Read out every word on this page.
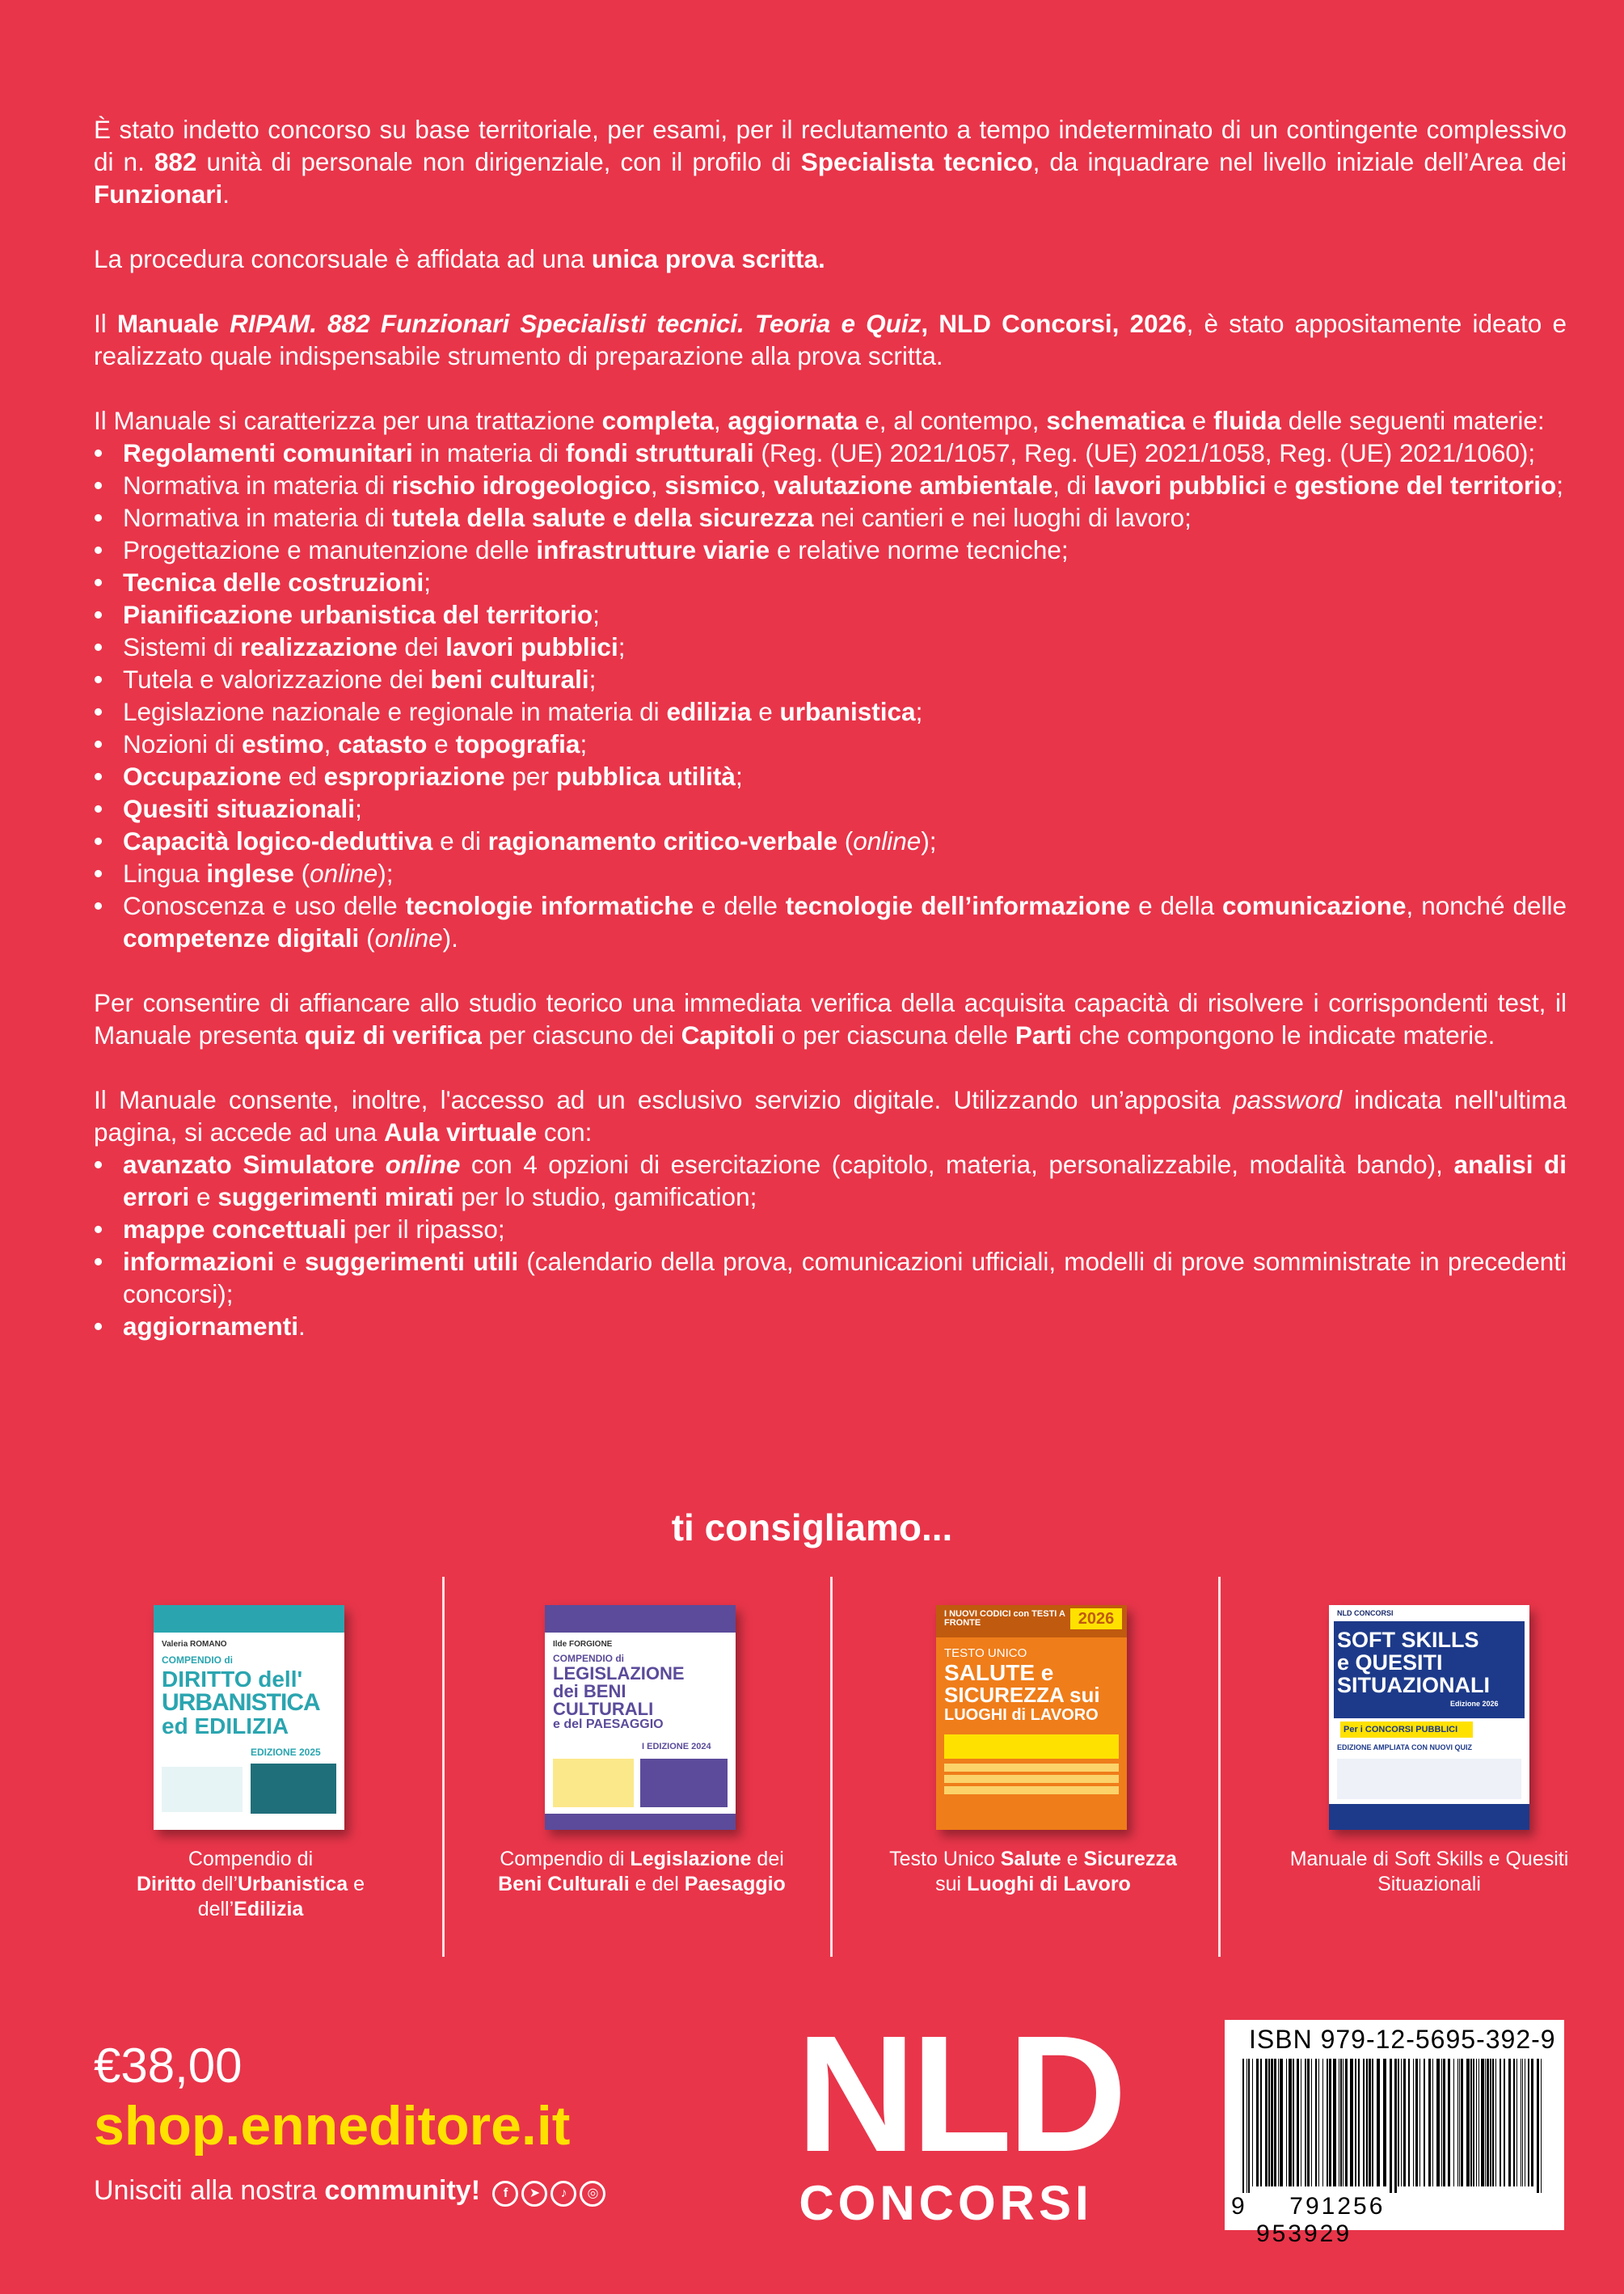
È stato indetto concorso su base territoriale, per esami, per il reclutamento a tempo indeterminato di un contingente complessivo di n. 882 unità di personale non dirigenziale, con il profilo di Specialista tecnico, da inquadrare nel livello iniziale dell’Area dei Funzionari.

La procedura concorsuale è affidata ad una unica prova scritta.

Il Manuale RIPAM. 882 Funzionari Specialisti tecnici. Teoria e Quiz, NLD Concorsi, 2026, è stato appositamente ideato e realizzato quale indispensabile strumento di preparazione alla prova scritta.

Il Manuale si caratterizza per una trattazione completa, aggiornata e, al contempo, schematica e fluida delle seguenti materie:

• Regolamenti comunitari in materia di fondi strutturali (Reg. (UE) 2021/1057, Reg. (UE) 2021/1058, Reg. (UE) 2021/1060);
• Normativa in materia di rischio idrogeologico, sismico, valutazione ambientale, di lavori pubblici e gestione del territorio;
• Normativa in materia di tutela della salute e della sicurezza nei cantieri e nei luoghi di lavoro;
• Progettazione e manutenzione delle infrastrutture viarie e relative norme tecniche;
• Tecnica delle costruzioni;
• Pianificazione urbanistica del territorio;
• Sistemi di realizzazione dei lavori pubblici;
• Tutela e valorizzazione dei beni culturali;
• Legislazione nazionale e regionale in materia di edilizia e urbanistica;
• Nozioni di estimo, catasto e topografia;
• Occupazione ed espropriazione per pubblica utilità;
• Quesiti situazionali;
• Capacità logico-deduttiva e di ragionamento critico-verbale (online);
• Lingua inglese (online);
• Conoscenza e uso delle tecnologie informatiche e delle tecnologie dell’informazione e della comunicazione, nonché delle competenze digitali (online).

Per consentire di affiancare allo studio teorico una immediata verifica della acquisita capacità di risolvere i corrispondenti test, il Manuale presenta quiz di verifica per ciascuno dei Capitoli o per ciascuna delle Parti che compongono le indicate materie.

Il Manuale consente, inoltre, l'accesso ad un esclusivo servizio digitale. Utilizzando un’apposita password indicata nell'ultima pagina, si accede ad una Aula virtuale con:

• avanzato Simulatore online con 4 opzioni di esercitazione (capitolo, materia, personalizzabile, modalità bando), analisi di errori e suggerimenti mirati per lo studio, gamification;
• mappe concettuali per il ripasso;
• informazioni e suggerimenti utili (calendario della prova, comunicazioni ufficiali, modelli di prove somministrate in precedenti concorsi);
• aggiornamenti.
ti consigliamo...
Valeria ROMANO
COMPENDIO di
DIRITTO dell'
URBANISTICA
ed EDILIZIA
EDIZIONE 2025
Compendio di
Diritto dell’Urbanistica e dell’Edilizia
Ilde FORGIONE
COMPENDIO di
LEGISLAZIONE
dei BENI
CULTURALI
e del PAESAGGIO
I EDIZIONE 2024
Compendio di Legislazione dei Beni Culturali e del Paesaggio
I NUOVI CODICI con TESTI A FRONTE	2026
TESTO UNICO
SALUTE e
SICUREZZA sui
LUOGHI di LAVORO
Testo Unico Salute e Sicurezza sui Luoghi di Lavoro
NLD CONCORSI
SOFT SKILLS
e QUESITI
SITUAZIONALI
Edizione 2026
Per i CONCORSI PUBBLICI
EDIZIONE AMPLIATA CON NUOVI QUIZ
Manuale di Soft Skills e Quesiti Situazionali
€38,00
shop.enneditore.it
Unisciti alla nostra community! f ➤ ♪ ◎
NLD
CONCORSI
ISBN 979-12-5695-392-9
9 791256 953929
